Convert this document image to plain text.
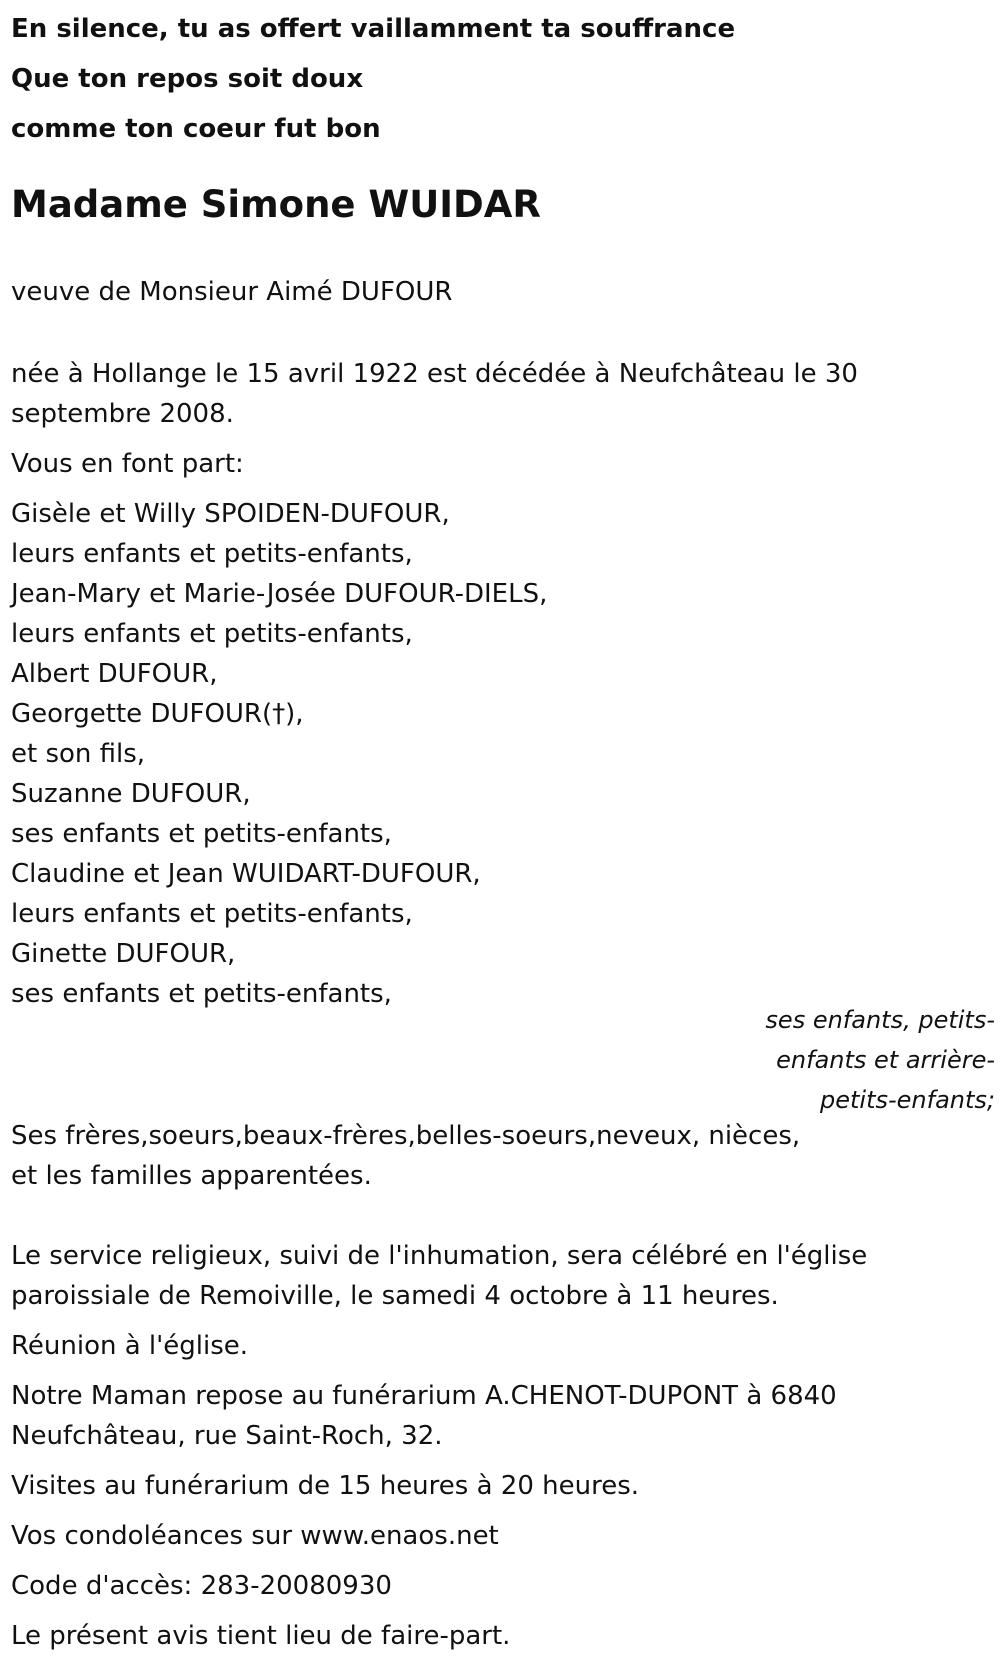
En silence, tu as offert vaillamment ta souffrance

Que ton repos soit doux

comme ton coeur fut bon

Madame Simone WUIDAR

veuve de Monsieur Aimé DUFOUR

née à Hollange le 15 avril 1922 est décédée à Neufchâteau le 30

septembre 2008.

Vous en font part:

Gisèle et Willy SPOIDEN-DUFOUR,

leurs enfants et petits-enfants,

Jean-Mary et Marie-Josée DUFOUR-DIELS,

leurs enfants et petits-enfants,

Albert DUFOUR,

Georgette DUFOUR(†),

et son fils,

Suzanne DUFOUR,

ses enfants et petits-enfants,

Claudine et Jean WUIDART-DUFOUR,

leurs enfants et petits-enfants,

Ginette DUFOUR,

ses enfants et petits-enfants,

ses enfants, petits-

enfants et arrière-

petits-enfants;

Ses frères,soeurs,beaux-frères,belles-soeurs,neveux, nièces,

et les familles apparentées.

Le service religieux, suivi de l'inhumation, sera célébré en l'église

paroissiale de Remoiville, le samedi 4 octobre à 11 heures.

Réunion à l'église.

Notre Maman repose au funérarium A.CHENOT-DUPONT à 6840

Neufchâteau, rue Saint-Roch, 32.

Visites au funérarium de 15 heures à 20 heures.

Vos condoléances sur www.enaos.net

Code d'accès: 283-20080930

Le présent avis tient lieu de faire-part.
